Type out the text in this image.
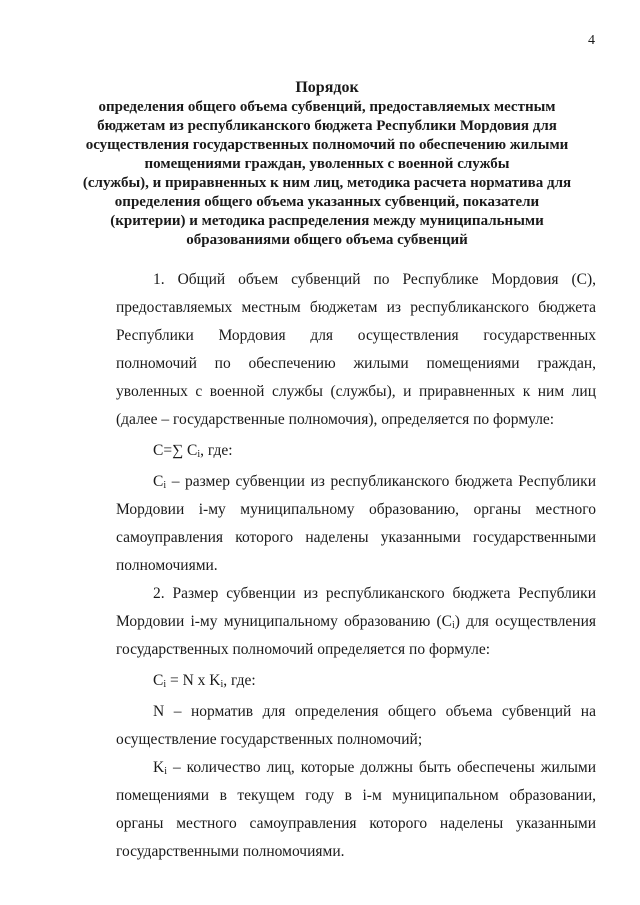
4
Порядок
определения общего объема субвенций, предоставляемых местным
бюджетам из республиканского бюджета Республики Мордовия для
осуществления государственных полномочий по обеспечению жилыми
помещениями граждан, уволенных с военной службы
(службы), и приравненных к ним лиц, методика расчета норматива для
определения общего объема указанных субвенций, показатели
(критерии) и методика распределения между муниципальными
образованиями общего объема субвенций

1. Общий объем субвенций по Республике Мордовия (С), предоставляемых местным бюджетам из республиканского бюджета Республики Мордовия для осуществления государственных полномочий по обеспечению жилыми помещениями граждан, уволенных с военной службы (службы), и приравненных к ним лиц (далее – государственные полномочия), определяется по формуле:

С=∑ $С_i$, где:

$С_i$ – размер субвенции из республиканского бюджета Республики Мордовии i-му муниципальному образованию, органы местного самоуправления которого наделены указанными государственными полномочиями.

2. Размер субвенции из республиканского бюджета Республики Мордовии i-му муниципальному образованию $(С_i)$ для осуществления государственных полномочий определяется по формуле:

$С_i = N$ х $K_i$, где:

N – норматив для определения общего объема субвенций на осуществление государственных полномочий;

$K_i$ – количество лиц, которые должны быть обеспечены жилыми помещениями в текущем году в i-м муниципальном образовании, органы местного самоуправления которого наделены указанными государственными полномочиями.
